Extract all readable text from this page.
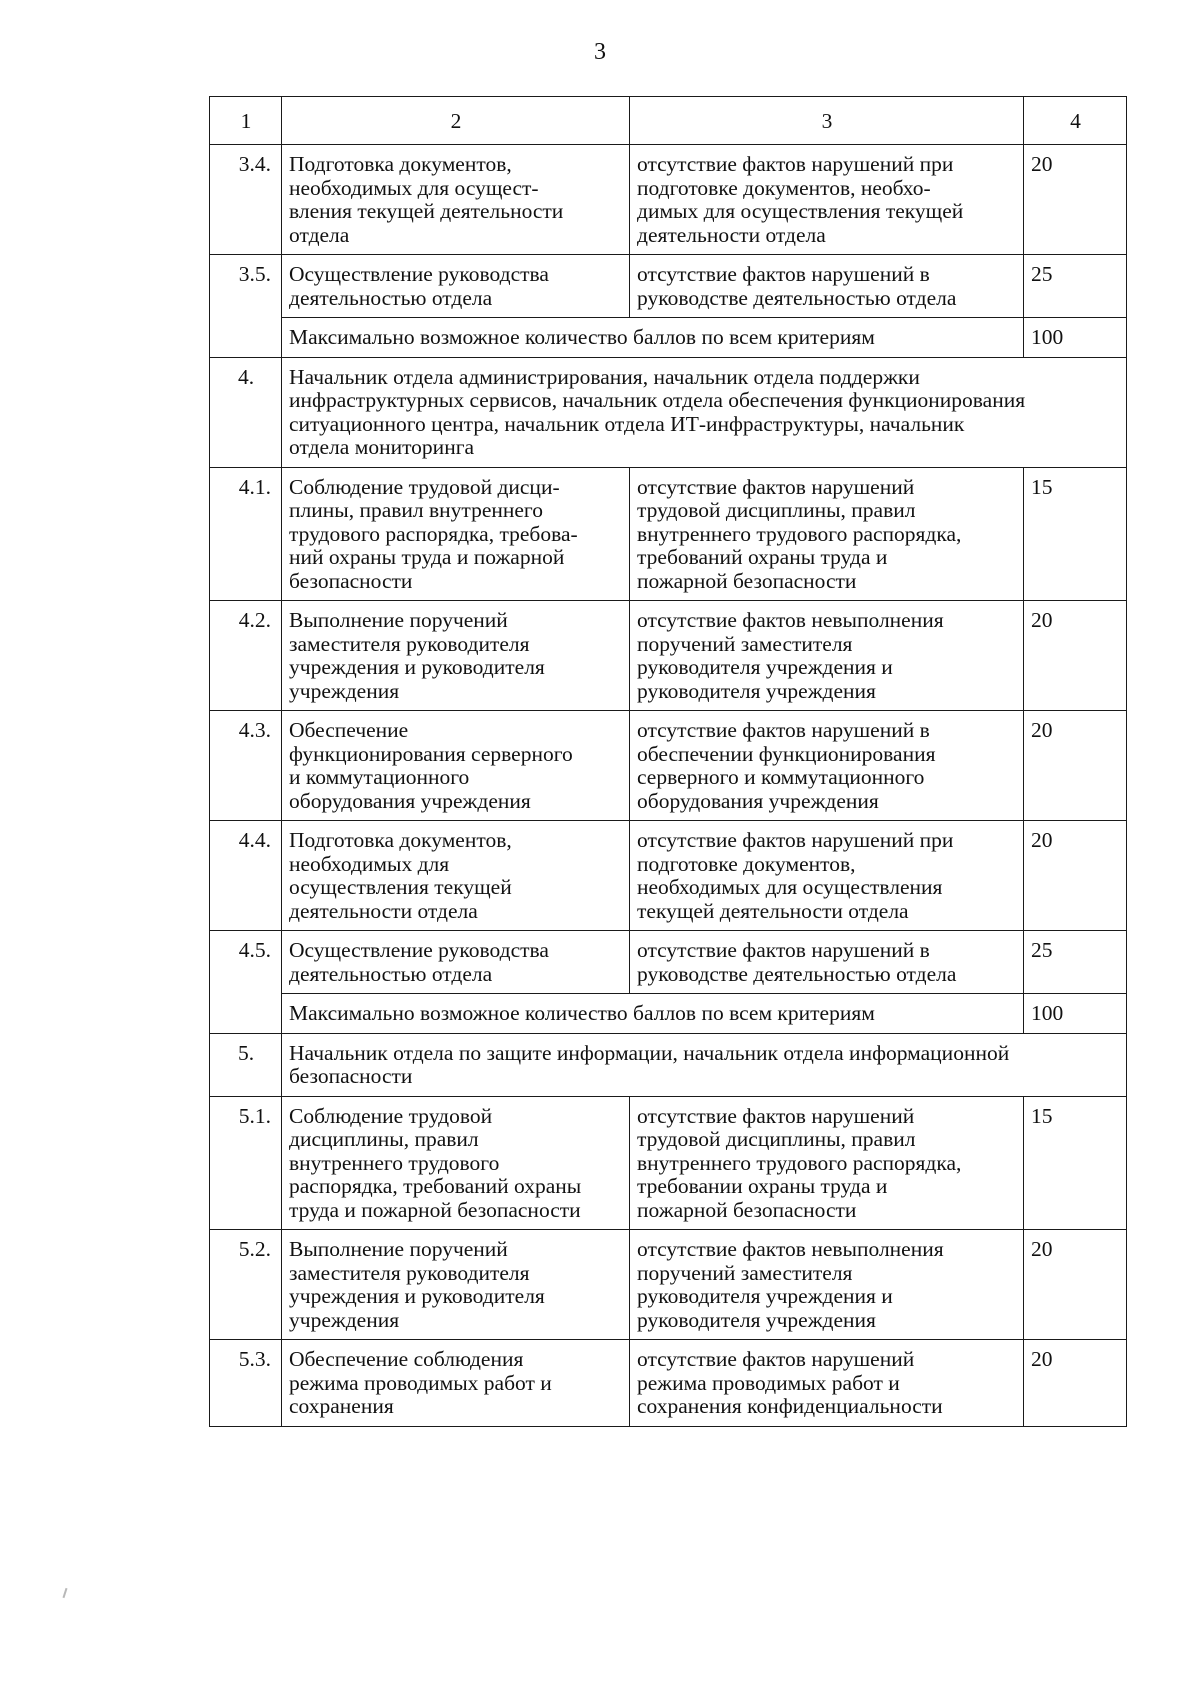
3
1	2	3	4
3.4.	Подготовка документов,
необходимых для осущест-
вления текущей деятельности
отдела	отсутствие фактов нарушений при
подготовке документов, необхо-
димых для осуществления текущей
деятельности отдела	20
3.5.	Осуществление руководства
деятельностью отдела	отсутствие фактов нарушений в
руководстве деятельностью отдела	25
	Максимально возможное количество баллов по всем критериям		100
4.	Начальник отдела администрирования, начальник отдела поддержки
инфраструктурных сервисов, начальник отдела обеспечения функционирования
ситуационного центра, начальник отдела ИТ-инфраструктуры, начальник
отдела мониторинга		
4.1.	Соблюдение трудовой дисци-
плины, правил внутреннего
трудового распорядка, требова-
ний охраны труда и пожарной
безопасности	отсутствие фактов нарушений
трудовой дисциплины, правил
внутреннего трудового распорядка,
требований охраны труда и
пожарной безопасности	15
4.2.	Выполнение поручений
заместителя руководителя
учреждения и руководителя
учреждения	отсутствие фактов невыполнения
поручений заместителя
руководителя учреждения и
руководителя учреждения	20
4.3.	Обеспечение
функционирования серверного
и коммутационного
оборудования учреждения	отсутствие фактов нарушений в
обеспечении функционирования
серверного и коммутационного
оборудования учреждения	20
4.4.	Подготовка документов,
необходимых для
осуществления текущей
деятельности отдела	отсутствие фактов нарушений при
подготовке документов,
необходимых для осуществления
текущей деятельности отдела	20
4.5.	Осуществление руководства
деятельностью отдела	отсутствие фактов нарушений в
руководстве деятельностью отдела	25
	Максимально возможное количество баллов по всем критериям		100
5.	Начальник отдела по защите информации, начальник отдела информационной
безопасности		
5.1.	Соблюдение трудовой
дисциплины, правил
внутреннего трудового
распорядка, требований охраны
труда и пожарной безопасности	отсутствие фактов нарушений
трудовой дисциплины, правил
внутреннего трудового распорядка,
требовании охраны труда и
пожарной безопасности	15
5.2.	Выполнение поручений
заместителя руководителя
учреждения и руководителя
учреждения	отсутствие фактов невыполнения
поручений заместителя
руководителя учреждения и
руководителя учреждения	20
5.3.	Обеспечение соблюдения
режима проводимых работ и
сохранения	отсутствие фактов нарушений
режима проводимых работ и
сохранения конфиденциальности	20
